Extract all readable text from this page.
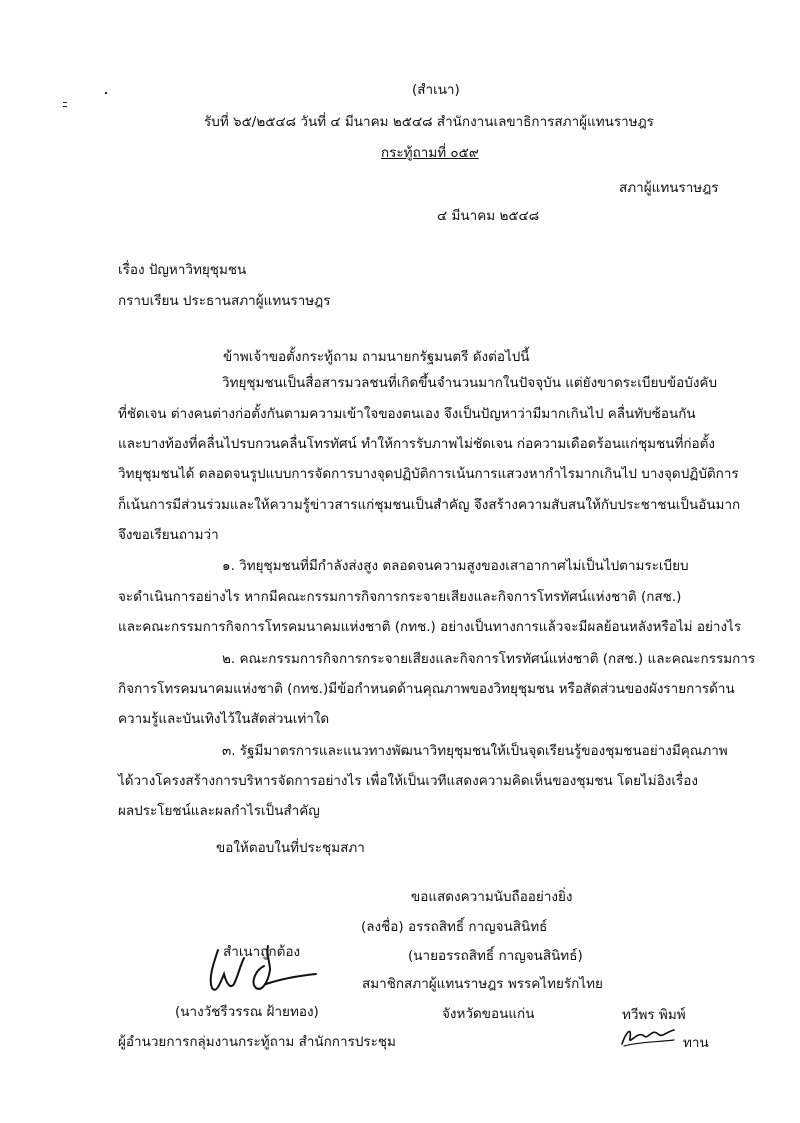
(สำเนา)
รับที่ ๖๕/๒๕๔๘ วันที่ ๔ มีนาคม ๒๕๔๘ สำนักงานเลขาธิการสภาผู้แทนราษฎร
กระทู้ถามที่ ๐๕๙
สภาผู้แทนราษฎร
๔ มีนาคม ๒๕๔๘
เรื่อง ปัญหาวิทยุชุมชน
กราบเรียน ประธานสภาผู้แทนราษฎร
ข้าพเจ้าขอตั้งกระทู้ถาม ถามนายกรัฐมนตรี ดังต่อไปนี้
วิทยุชุมชนเป็นสื่อสารมวลชนที่เกิดขึ้นจำนวนมากในปัจจุบัน แต่ยังขาดระเบียบข้อบังคับ
ที่ชัดเจน ต่างคนต่างก่อตั้งกันตามความเข้าใจของตนเอง จึงเป็นปัญหาว่ามีมากเกินไป คลื่นทับซ้อนกัน
และบางท้องที่คลื่นไปรบกวนคลื่นโทรทัศน์ ทำให้การรับภาพไม่ชัดเจน ก่อความเดือดร้อนแก่ชุมชนที่ก่อตั้ง
วิทยุชุมชนได้ ตลอดจนรูปแบบการจัดการบางจุดปฏิบัติการเน้นการแสวงหากำไรมากเกินไป บางจุดปฏิบัติการ
ก็เน้นการมีส่วนร่วมและให้ความรู้ข่าวสารแก่ชุมชนเป็นสำคัญ จึงสร้างความสับสนให้กับประชาชนเป็นอันมาก
จึงขอเรียนถามว่า
๑. วิทยุชุมชนที่มีกำลังส่งสูง ตลอดจนความสูงของเสาอากาศไม่เป็นไปตามระเบียบ
จะดำเนินการอย่างไร หากมีคณะกรรมการกิจการกระจายเสียงและกิจการโทรทัศน์แห่งชาติ (กสช.)
และคณะกรรมการกิจการโทรคมนาคมแห่งชาติ (กทช.) อย่างเป็นทางการแล้วจะมีผลย้อนหลังหรือไม่ อย่างไร
๒. คณะกรรมการกิจการกระจายเสียงและกิจการโทรทัศน์แห่งชาติ (กสช.) และคณะกรรมการ
กิจการโทรคมนาคมแห่งชาติ (กทช.)มีข้อกำหนดด้านคุณภาพของวิทยุชุมชน หรือสัดส่วนของผังรายการด้าน
ความรู้และบันเทิงไว้ในสัดส่วนเท่าใด
๓. รัฐมีมาตรการและแนวทางพัฒนาวิทยุชุมชนให้เป็นจุดเรียนรู้ของชุมชนอย่างมีคุณภาพ
ได้วางโครงสร้างการบริหารจัดการอย่างไร เพื่อให้เป็นเวทีแสดงความคิดเห็นของชุมชน โดยไม่อิงเรื่อง
ผลประโยชน์และผลกำไรเป็นสำคัญ
ขอให้ตอบในที่ประชุมสภา
ขอแสดงความนับถืออย่างยิ่ง
(ลงชื่อ) อรรถสิทธิ์ กาญจนสินิทธ์
(นายอรรถสิทธิ์ กาญจนสินิทธ์)
สมาชิกสภาผู้แทนราษฎร พรรคไทยรักไทย
จังหวัดขอนแก่น
สำเนาถูกต้อง
(นางวัชรีวรรณ ฝ้ายทอง)
ผู้อำนวยการกลุ่มงานกระทู้ถาม สำนักการประชุม
ทวีพร พิมพ์
ทาน
